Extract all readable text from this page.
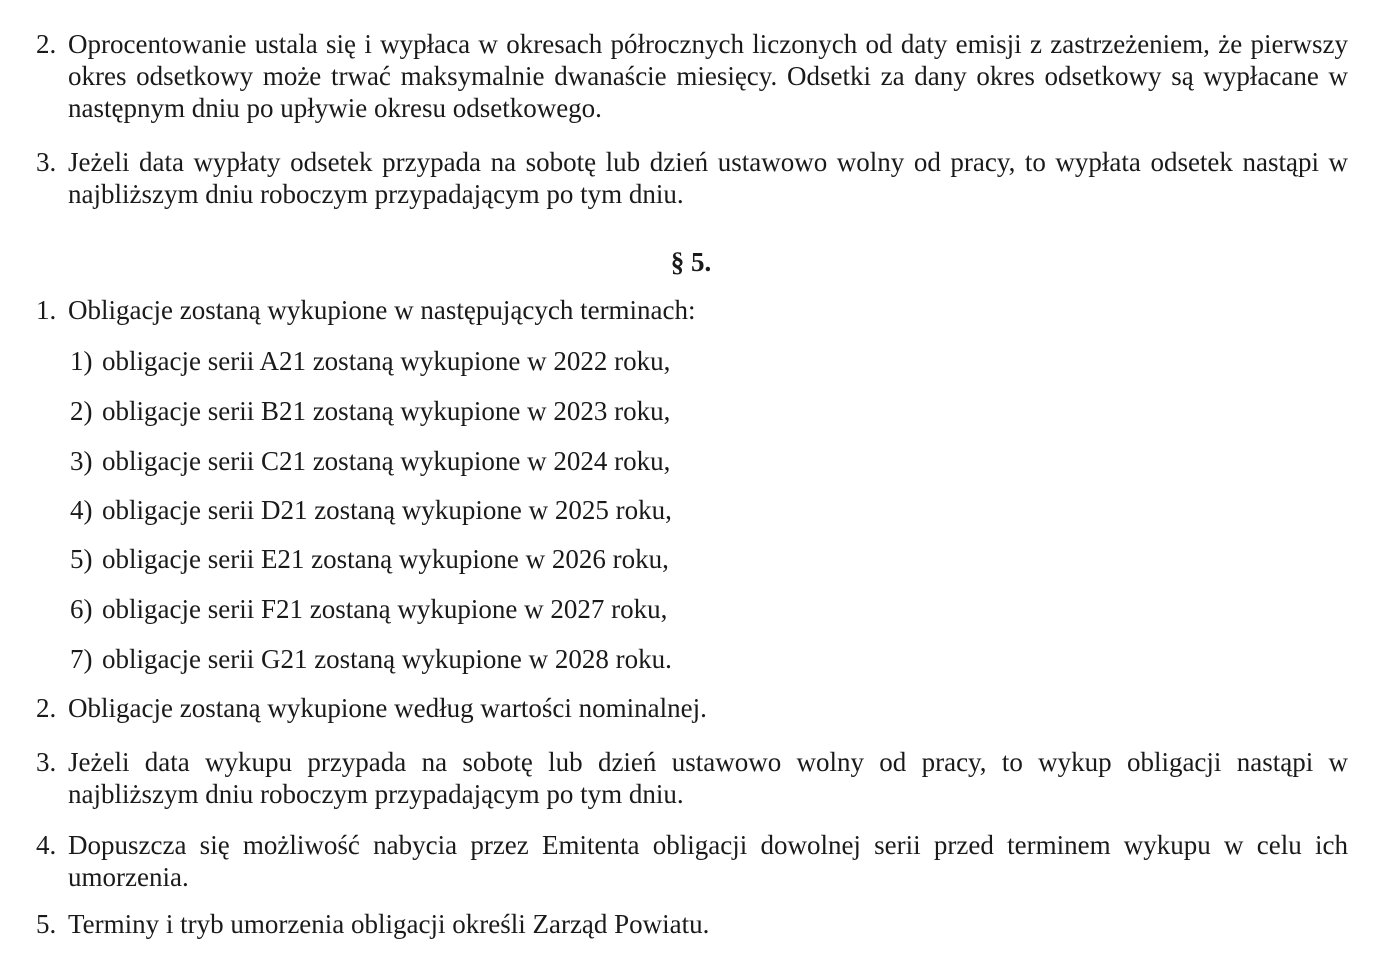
2. Oprocentowanie ustala się i wypłaca w okresach półrocznych liczonych od daty emisji z zastrzeżeniem, że pierwszy okres odsetkowy może trwać maksymalnie dwanaście miesięcy. Odsetki za dany okres odsetkowy są wypłacane w następnym dniu po upływie okresu odsetkowego.
3. Jeżeli data wypłaty odsetek przypada na sobotę lub dzień ustawowo wolny od pracy, to wypłata odsetek nastąpi w najbliższym dniu roboczym przypadającym po tym dniu.
§ 5.
1. Obligacje zostaną wykupione w następujących terminach:
1) obligacje serii A21 zostaną wykupione w 2022 roku,
2) obligacje serii B21 zostaną wykupione w 2023 roku,
3) obligacje serii C21 zostaną wykupione w 2024 roku,
4) obligacje serii D21 zostaną wykupione w 2025 roku,
5) obligacje serii E21 zostaną wykupione w 2026 roku,
6) obligacje serii F21 zostaną wykupione w 2027 roku,
7) obligacje serii G21 zostaną wykupione w 2028 roku.
2. Obligacje zostaną wykupione według wartości nominalnej.
3. Jeżeli data wykupu przypada na sobotę lub dzień ustawowo wolny od pracy, to wykup obligacji nastąpi w najbliższym dniu roboczym przypadającym po tym dniu.
4. Dopuszcza się możliwość nabycia przez Emitenta obligacji dowolnej serii przed terminem wykupu w celu ich umorzenia.
5. Terminy i tryb umorzenia obligacji określi Zarząd Powiatu.
